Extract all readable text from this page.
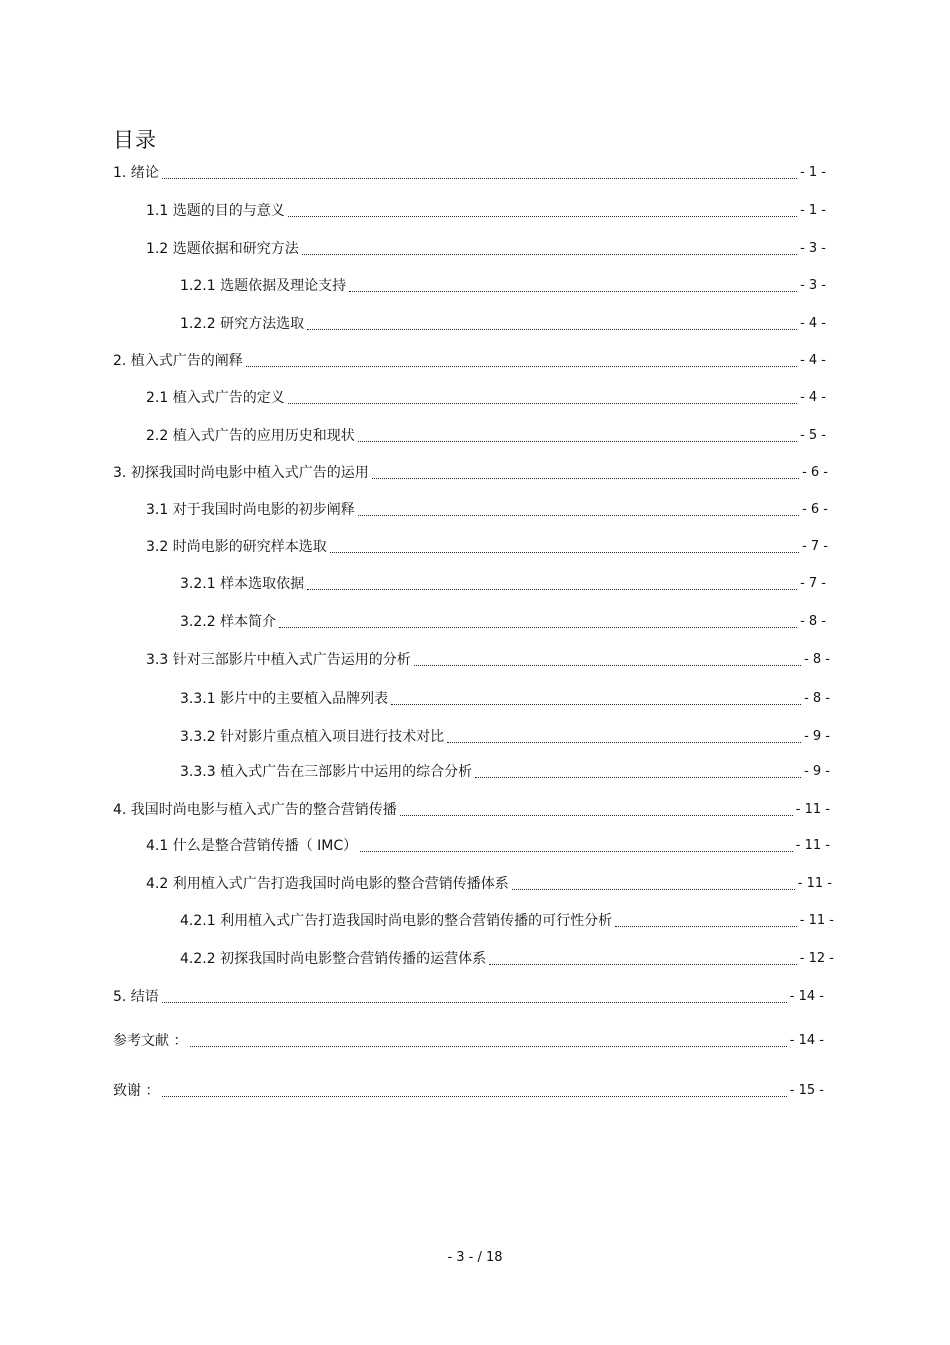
目录
1. 绪论	- 1 -
1.1 选题的目的与意义	- 1 -
1.2 选题依据和研究方法	- 3 -
1.2.1 选题依据及理论支持	- 3 -
1.2.2 研究方法选取	- 4 -
2. 植入式广告的阐释	- 4 -
2.1 植入式广告的定义	- 4 -
2.2 植入式广告的应用历史和现状	- 5 -
3. 初探我国时尚电影中植入式广告的运用	- 6 -
3.1 对于我国时尚电影的初步阐释	- 6 -
3.2 时尚电影的研究样本选取	- 7 -
3.2.1 样本选取依据	- 7 -
3.2.2 样本简介	- 8 -
3.3 针对三部影片中植入式广告运用的分析	- 8 -
3.3.1 影片中的主要植入品牌列表	- 8 -
3.3.2 针对影片重点植入项目进行技术对比	- 9 -
3.3.3 植入式广告在三部影片中运用的综合分析	- 9 -
4. 我国时尚电影与植入式广告的整合营销传播	- 11 -
4.1 什么是整合营销传播（ IMC）	- 11 -
4.2 利用植入式广告打造我国时尚电影的整合营销传播体系	- 11 -
4.2.1 利用植入式广告打造我国时尚电影的整合营销传播的可行性分析	- 11 -
4.2.2 初探我国时尚电影整合营销传播的运营体系	- 12 -
5. 结语	- 14 -
参考文献 ：	- 14 -
致谢 ：	- 15 -
- 3 - / 18
